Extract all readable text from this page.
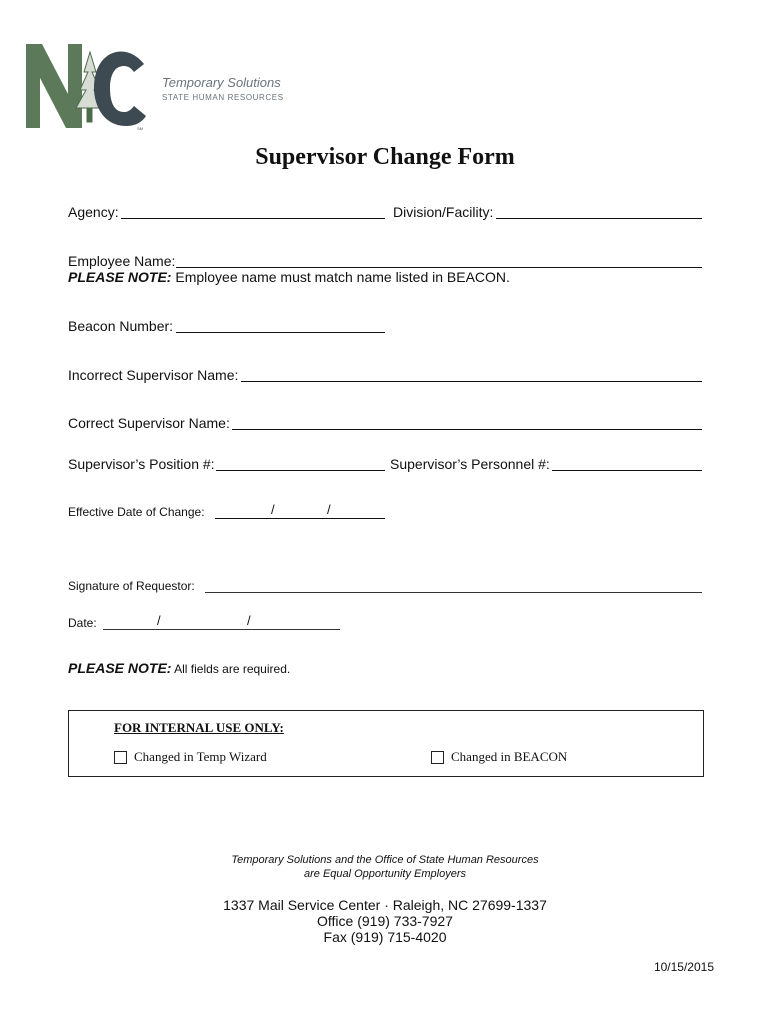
SM
Temporary Solutions
STATE HUMAN RESOURCES
Supervisor Change Form
Agency:	Division/Facility:
Employee Name:
PLEASE NOTE: Employee name must match name listed in BEACON.
Beacon Number:
Incorrect Supervisor Name:
Correct Supervisor Name:
Supervisor’s Position #:	Supervisor’s Personnel #:
Effective Date of Change:	/	/
Signature of Requestor:
Date:	/	/
PLEASE NOTE: All fields are required.
FOR INTERNAL USE ONLY:
Changed in Temp Wizard	Changed in BEACON
Temporary Solutions and the Office of State Human Resources
are Equal Opportunity Employers
1337 Mail Service Center · Raleigh, NC 27699-1337
Office (919) 733-7927
Fax (919) 715-4020
10/15/2015
